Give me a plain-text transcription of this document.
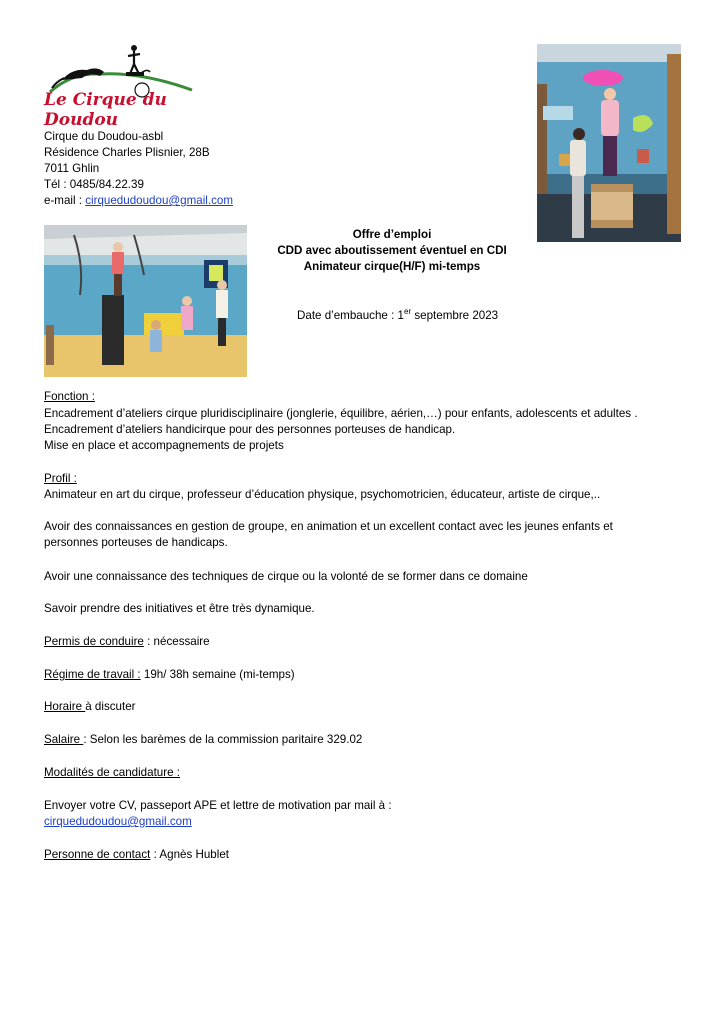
Le Cirque du Doudou
Cirque du Doudou-asbl
Résidence Charles Plisnier, 28B
7011 Ghlin
Tél : 0485/84.22.39
e-mail : cirquedudoudou@gmail.com
Offre d’emploi
CDD avec aboutissement éventuel en CDI
Animateur cirque(H/F) mi-temps
Date d’embauche : 1er septembre 2023
Fonction :
Encadrement d’ateliers cirque pluridisciplinaire (jonglerie, équilibre, aérien,…) pour enfants, adolescents et adultes .
Encadrement d’ateliers handicirque pour des personnes porteuses de handicap.
Mise en place et accompagnements de projets
Profil :
Animateur en art du cirque, professeur d’éducation physique, psychomotricien, éducateur, artiste de cirque,..
Avoir des connaissances en gestion de groupe, en animation et un excellent contact avec les jeunes enfants et personnes porteuses de handicaps.
Avoir une connaissance des techniques de cirque ou la volonté de se former dans ce domaine
Savoir prendre des initiatives et être très dynamique.
Permis de conduire : nécessaire
Régime de travail : 19h/ 38h semaine (mi-temps)
Horaire à discuter
Salaire : Selon les barèmes de la commission paritaire 329.02
Modalités de candidature :
Envoyer votre CV, passeport APE et lettre de motivation par mail à :
cirquedudoudou@gmail.com
Personne de contact : Agnès Hublet
